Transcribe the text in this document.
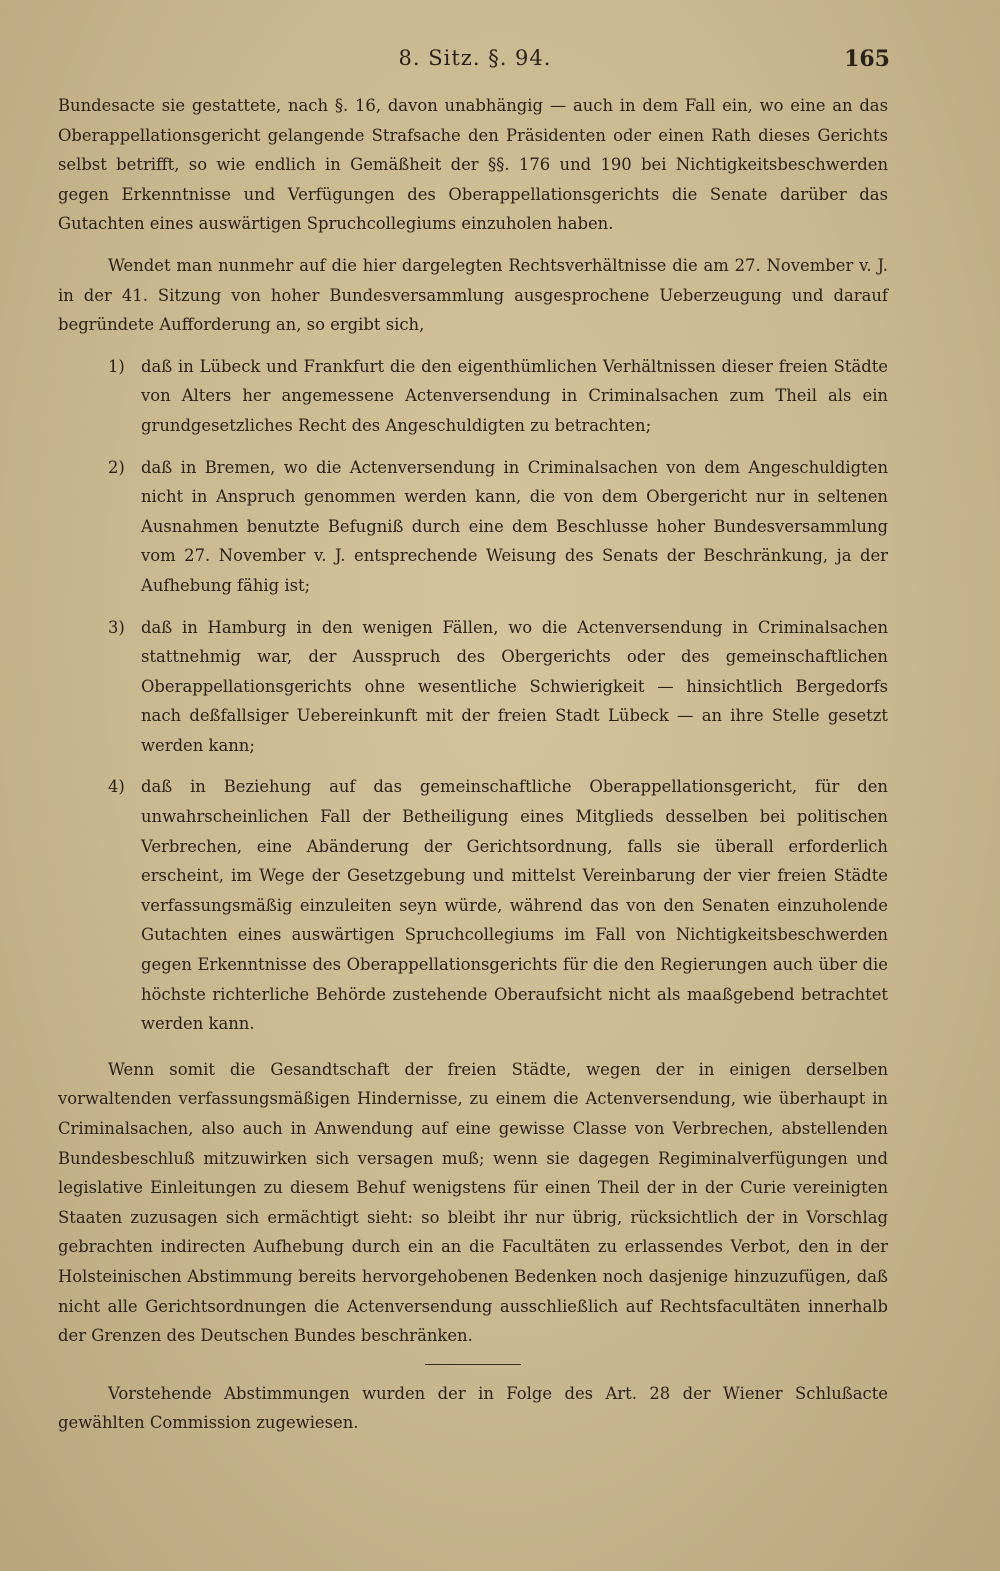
8. Sitz. §. 94.	165

Bundesacte sie gestattete, nach §. 16, davon unabhängig — auch in dem Fall ein, wo eine an das Oberappellationsgericht gelangende Strafsache den Präsidenten oder einen Rath dieses Gerichts selbst betrifft, so wie endlich in Gemäßheit der §§. 176 und 190 bei Nichtigkeitsbeschwerden gegen Erkenntnisse und Verfügungen des Oberappellationsgerichts die Senate darüber das Gutachten eines auswärtigen Spruchcollegiums einzuholen haben.

Wendet man nunmehr auf die hier dargelegten Rechtsverhältnisse die am 27. November v. J. in der 41. Sitzung von hoher Bundesversammlung ausgesprochene Ueberzeugung und darauf begründete Aufforderung an, so ergibt sich,

1) daß in Lübeck und Frankfurt die den eigenthümlichen Verhältnissen dieser freien Städte von Alters her angemessene Actenversendung in Criminalsachen zum Theil als ein grundgesetzliches Recht des Angeschuldigten zu betrachten;
2) daß in Bremen, wo die Actenversendung in Criminalsachen von dem Angeschuldigten nicht in Anspruch genommen werden kann, die von dem Obergericht nur in seltenen Ausnahmen benutzte Befugniß durch eine dem Beschlusse hoher Bundesversammlung vom 27. November v. J. entsprechende Weisung des Senats der Beschränkung, ja der Aufhebung fähig ist;
3) daß in Hamburg in den wenigen Fällen, wo die Actenversendung in Criminalsachen stattnehmig war, der Ausspruch des Obergerichts oder des gemeinschaftlichen Oberappellationsgerichts ohne wesentliche Schwierigkeit — hinsichtlich Bergedorfs nach deßfallsiger Uebereinkunft mit der freien Stadt Lübeck — an ihre Stelle gesetzt werden kann;
4) daß in Beziehung auf das gemeinschaftliche Oberappellationsgericht, für den unwahrscheinlichen Fall der Betheiligung eines Mitglieds desselben bei politischen Verbrechen, eine Abänderung der Gerichtsordnung, falls sie überall erforderlich erscheint, im Wege der Gesetzgebung und mittelst Vereinbarung der vier freien Städte verfassungsmäßig einzuleiten seyn würde, während das von den Senaten einzuholende Gutachten eines auswärtigen Spruchcollegiums im Fall von Nichtigkeitsbeschwerden gegen Erkenntnisse des Oberappellationsgerichts für die den Regierungen auch über die höchste richterliche Behörde zustehende Oberaufsicht nicht als maaßgebend betrachtet werden kann.

Wenn somit die Gesandtschaft der freien Städte, wegen der in einigen derselben vorwaltenden verfassungsmäßigen Hindernisse, zu einem die Actenversendung, wie überhaupt in Criminalsachen, also auch in Anwendung auf eine gewisse Classe von Verbrechen, abstellenden Bundesbeschluß mitzuwirken sich versagen muß; wenn sie dagegen Regiminalverfügungen und legislative Einleitungen zu diesem Behuf wenigstens für einen Theil der in der Curie vereinigten Staaten zuzusagen sich ermächtigt sieht: so bleibt ihr nur übrig, rücksichtlich der in Vorschlag gebrachten indirecten Aufhebung durch ein an die Facultäten zu erlassendes Verbot, den in der Holsteinischen Abstimmung bereits hervorgehobenen Bedenken noch dasjenige hinzuzufügen, daß nicht alle Gerichtsordnungen die Actenversendung ausschließlich auf Rechtsfacultäten innerhalb der Grenzen des Deutschen Bundes beschränken.

Vorstehende Abstimmungen wurden der in Folge des Art. 28 der Wiener Schlußacte gewählten Commission zugewiesen.
